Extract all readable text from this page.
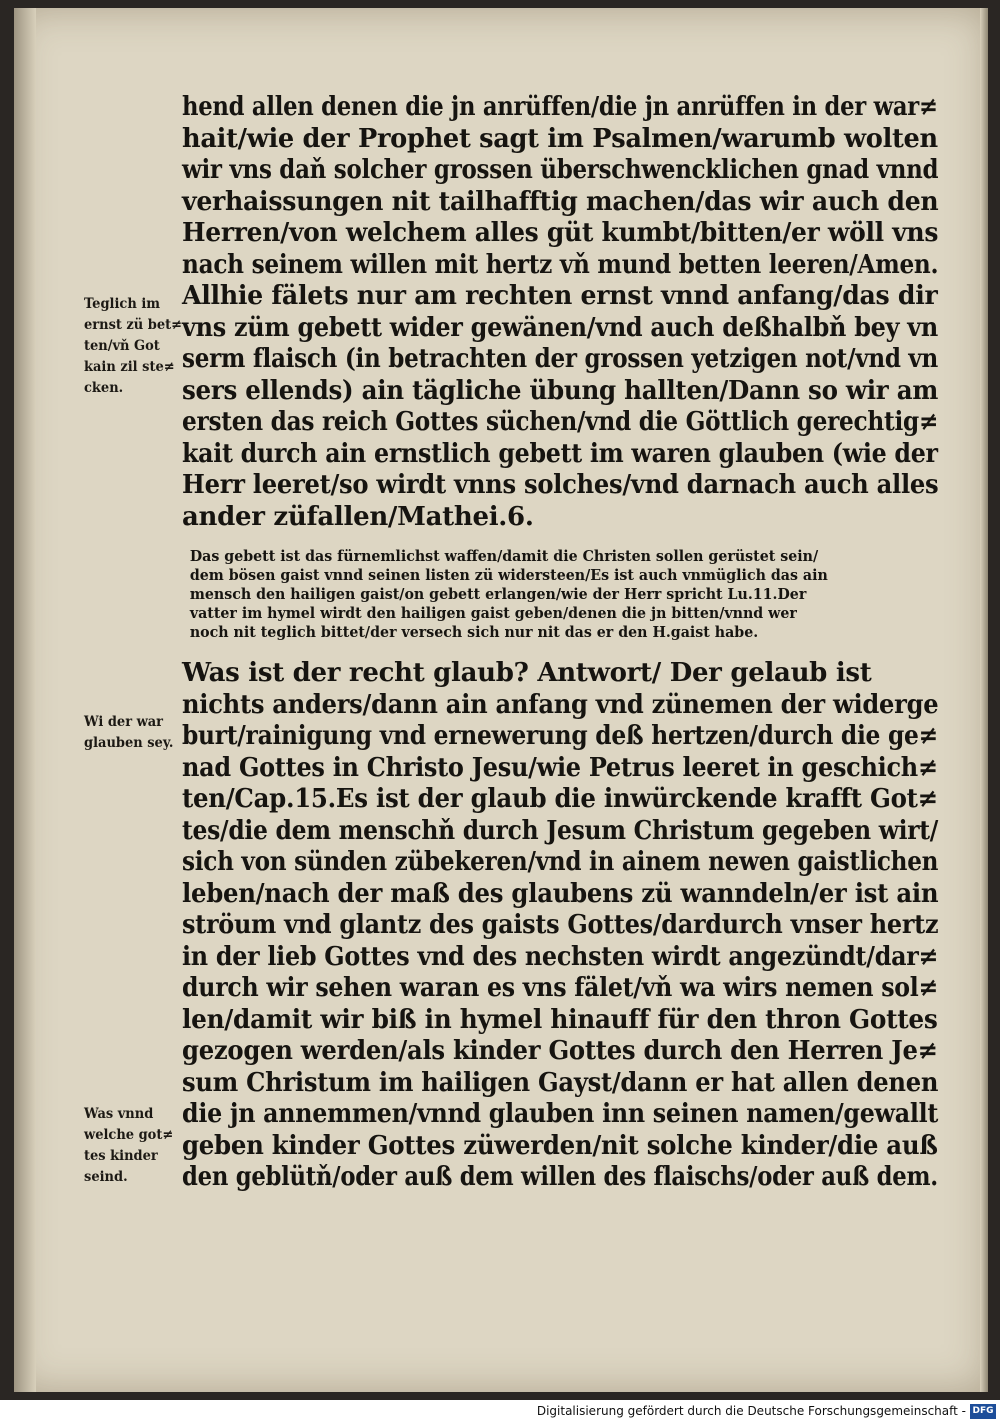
hend allen denen die jn anrüffen/die jn anrüffen in der war≠
hait/wie der Prophet sagt im Psalmen/warumb wolten
wir vns daň solcher grossen überschwencklichen gnad vnnd
verhaissungen nit tailhafftig machen/das wir auch den
Herren/von welchem alles güt kumbt/bitten/er wöll vns
nach seinem willen mit hertz vň mund betten leeren/Amen.
Allhie fälets nur am rechten ernst vnnd anfang/das dir
vns züm gebett wider gewänen/vnd auch deßhalbň bey vn
serm flaisch (in betrachten der grossen yetzigen not/vnd vn
sers ellends) ain tägliche übung hallten/Dann so wir am
ersten das reich Gottes süchen/vnd die Göttlich gerechtig≠
kait durch ain ernstlich gebett im waren glauben (wie der
Herr leeret/so wirdt vnns solches/vnd darnach auch alles
ander züfallen/Mathei.6.
Das gebett ist das fürnemlichst waffen/damit die Christen sollen gerüstet sein/
dem bösen gaist vnnd seinen listen zü widersteen/Es ist auch vnmüglich das ain
mensch den hailigen gaist/on gebett erlangen/wie der Herr spricht Lu.11.Der
vatter im hymel wirdt den hailigen gaist geben/denen die jn bitten/vnnd wer
noch nit teglich bittet/der versech sich nur nit das er den H.gaist habe.
Was ist der recht glaub? Antwort/ Der gelaub ist
nichts anders/dann ain anfang vnd zünemen der widerge
burt/rainigung vnd ernewerung deß hertzen/durch die ge≠
nad Gottes in Christo Jesu/wie Petrus leeret in geschich≠
ten/Cap.15.Es ist der glaub die inwürckende krafft Got≠
tes/die dem menschň durch Jesum Christum gegeben wirt/
sich von sünden zübekeren/vnd in ainem newen gaistlichen
leben/nach der maß des glaubens zü wanndeln/er ist ain
ströum vnd glantz des gaists Gottes/dardurch vnser hertz
in der lieb Gottes vnd des nechsten wirdt angezündt/dar≠
durch wir sehen waran es vns fälet/vň wa wirs nemen sol≠
len/damit wir biß in hymel hinauff für den thron Gottes
gezogen werden/als kinder Gottes durch den Herren Je≠
sum Christum im hailigen Gayst/dann er hat allen denen
die jn annemmen/vnnd glauben inn seinen namen/gewallt
geben kinder Gottes züwerden/nit solche kinder/die auß
den geblütň/oder auß dem willen des flaischs/oder auß dem.
Teglich im
ernst zü bet≠
ten/vň Got
kain zil ste≠
cken.
Wi der war
glauben sey.
Was vnnd
welche got≠
tes kinder
seind.
Digitalisierung gefördert durch die Deutsche Forschungsgemeinschaft - DFG
